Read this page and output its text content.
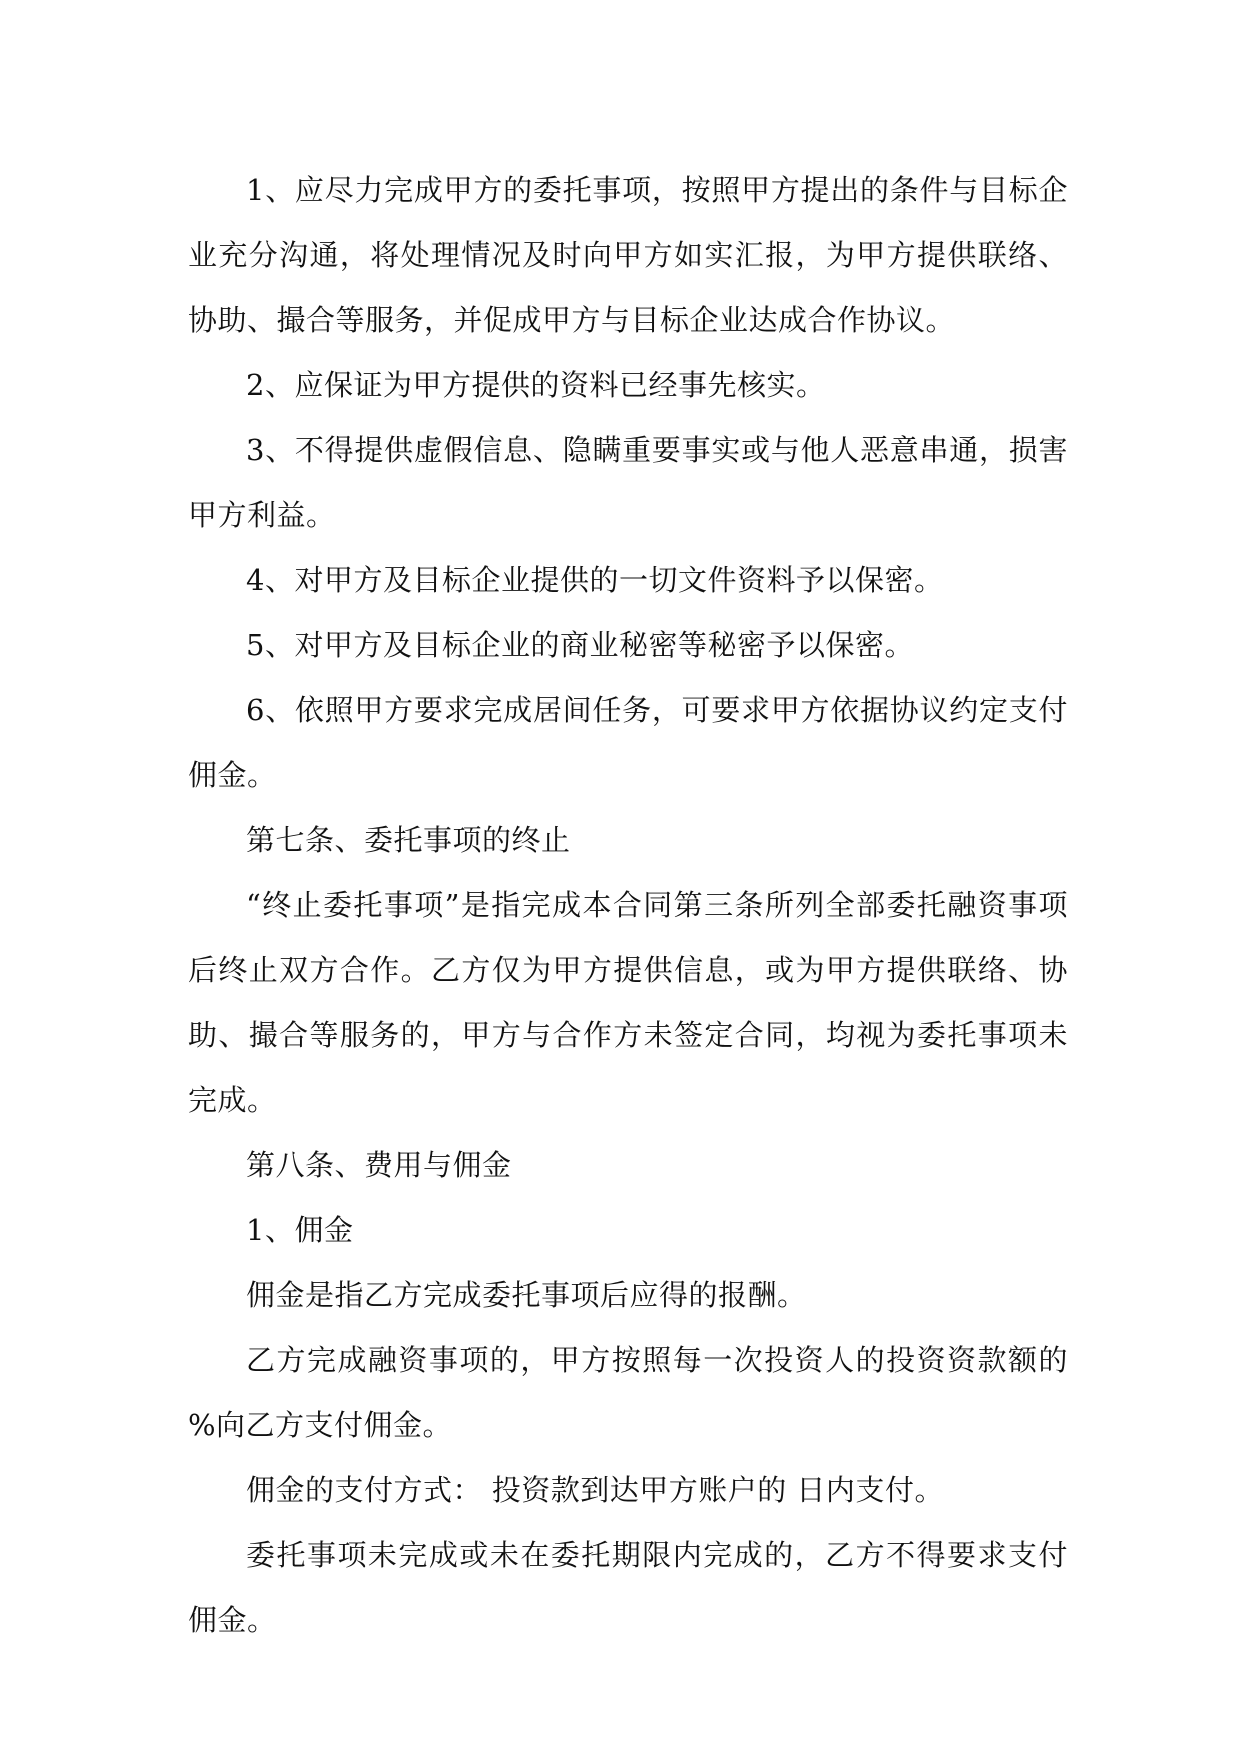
1、应尽力完成甲方的委托事项，按照甲方提出的条件与目标企业充分沟通，将处理情况及时向甲方如实汇报，为甲方提供联络、协助、撮合等服务，并促成甲方与目标企业达成合作协议。

2、应保证为甲方提供的资料已经事先核实。

3、不得提供虚假信息、隐瞒重要事实或与他人恶意串通，损害甲方利益。

4、对甲方及目标企业提供的一切文件资料予以保密。

5、对甲方及目标企业的商业秘密等秘密予以保密。

6、依照甲方要求完成居间任务，可要求甲方依据协议约定支付佣金。

第七条、委托事项的终止

“终止委托事项”是指完成本合同第三条所列全部委托融资事项后终止双方合作。乙方仅为甲方提供信息，或为甲方提供联络、协助、撮合等服务的，甲方与合作方未签定合同，均视为委托事项未完成。

第八条、费用与佣金

1、佣金

佣金是指乙方完成委托事项后应得的报酬。

乙方完成融资事项的，甲方按照每一次投资人的投资资款额的 %向乙方支付佣金。

佣金的支付方式： 投资款到达甲方账户的 日内支付。

委托事项未完成或未在委托期限内完成的，乙方不得要求支付佣金。
